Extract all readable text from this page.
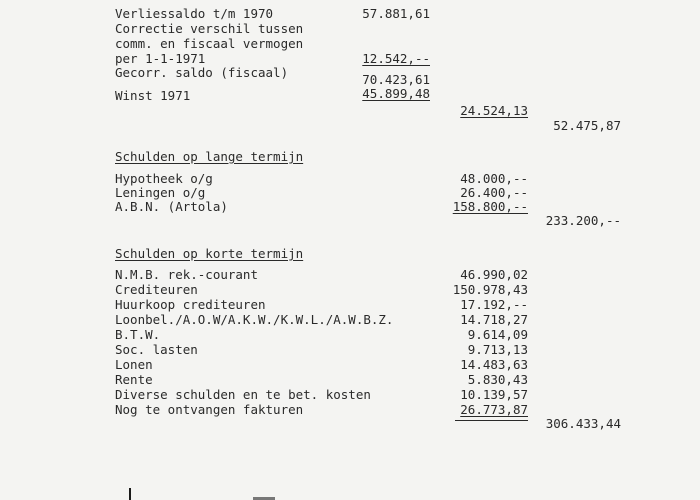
Verliessaldo t/m 1970	57.881,61
Correctie verschil tussen
comm. en fiscaal vermogen
per 1-1-1971	12.542,--
Gecorr. saldo (fiscaal)	70.423,61
Winst 1971	45.899,48
24.524,13
52.475,87
Schulden op lange termijn
Hypotheek o/g	48.000,--
Leningen o/g	26.400,--
A.B.N. (Artola)	158.800,--
233.200,--
Schulden op korte termijn
N.M.B. rek.-courant	46.990,02
Crediteuren	150.978,43
Huurkoop crediteuren	17.192,--
Loonbel./A.O.W/A.K.W./K.W.L./A.W.B.Z.	14.718,27
B.T.W.	9.614,09
Soc. lasten	9.713,13
Lonen	14.483,63
Rente	5.830,43
Diverse schulden en te bet. kosten	10.139,57
Nog te ontvangen fakturen	26.773,87
306.433,44
